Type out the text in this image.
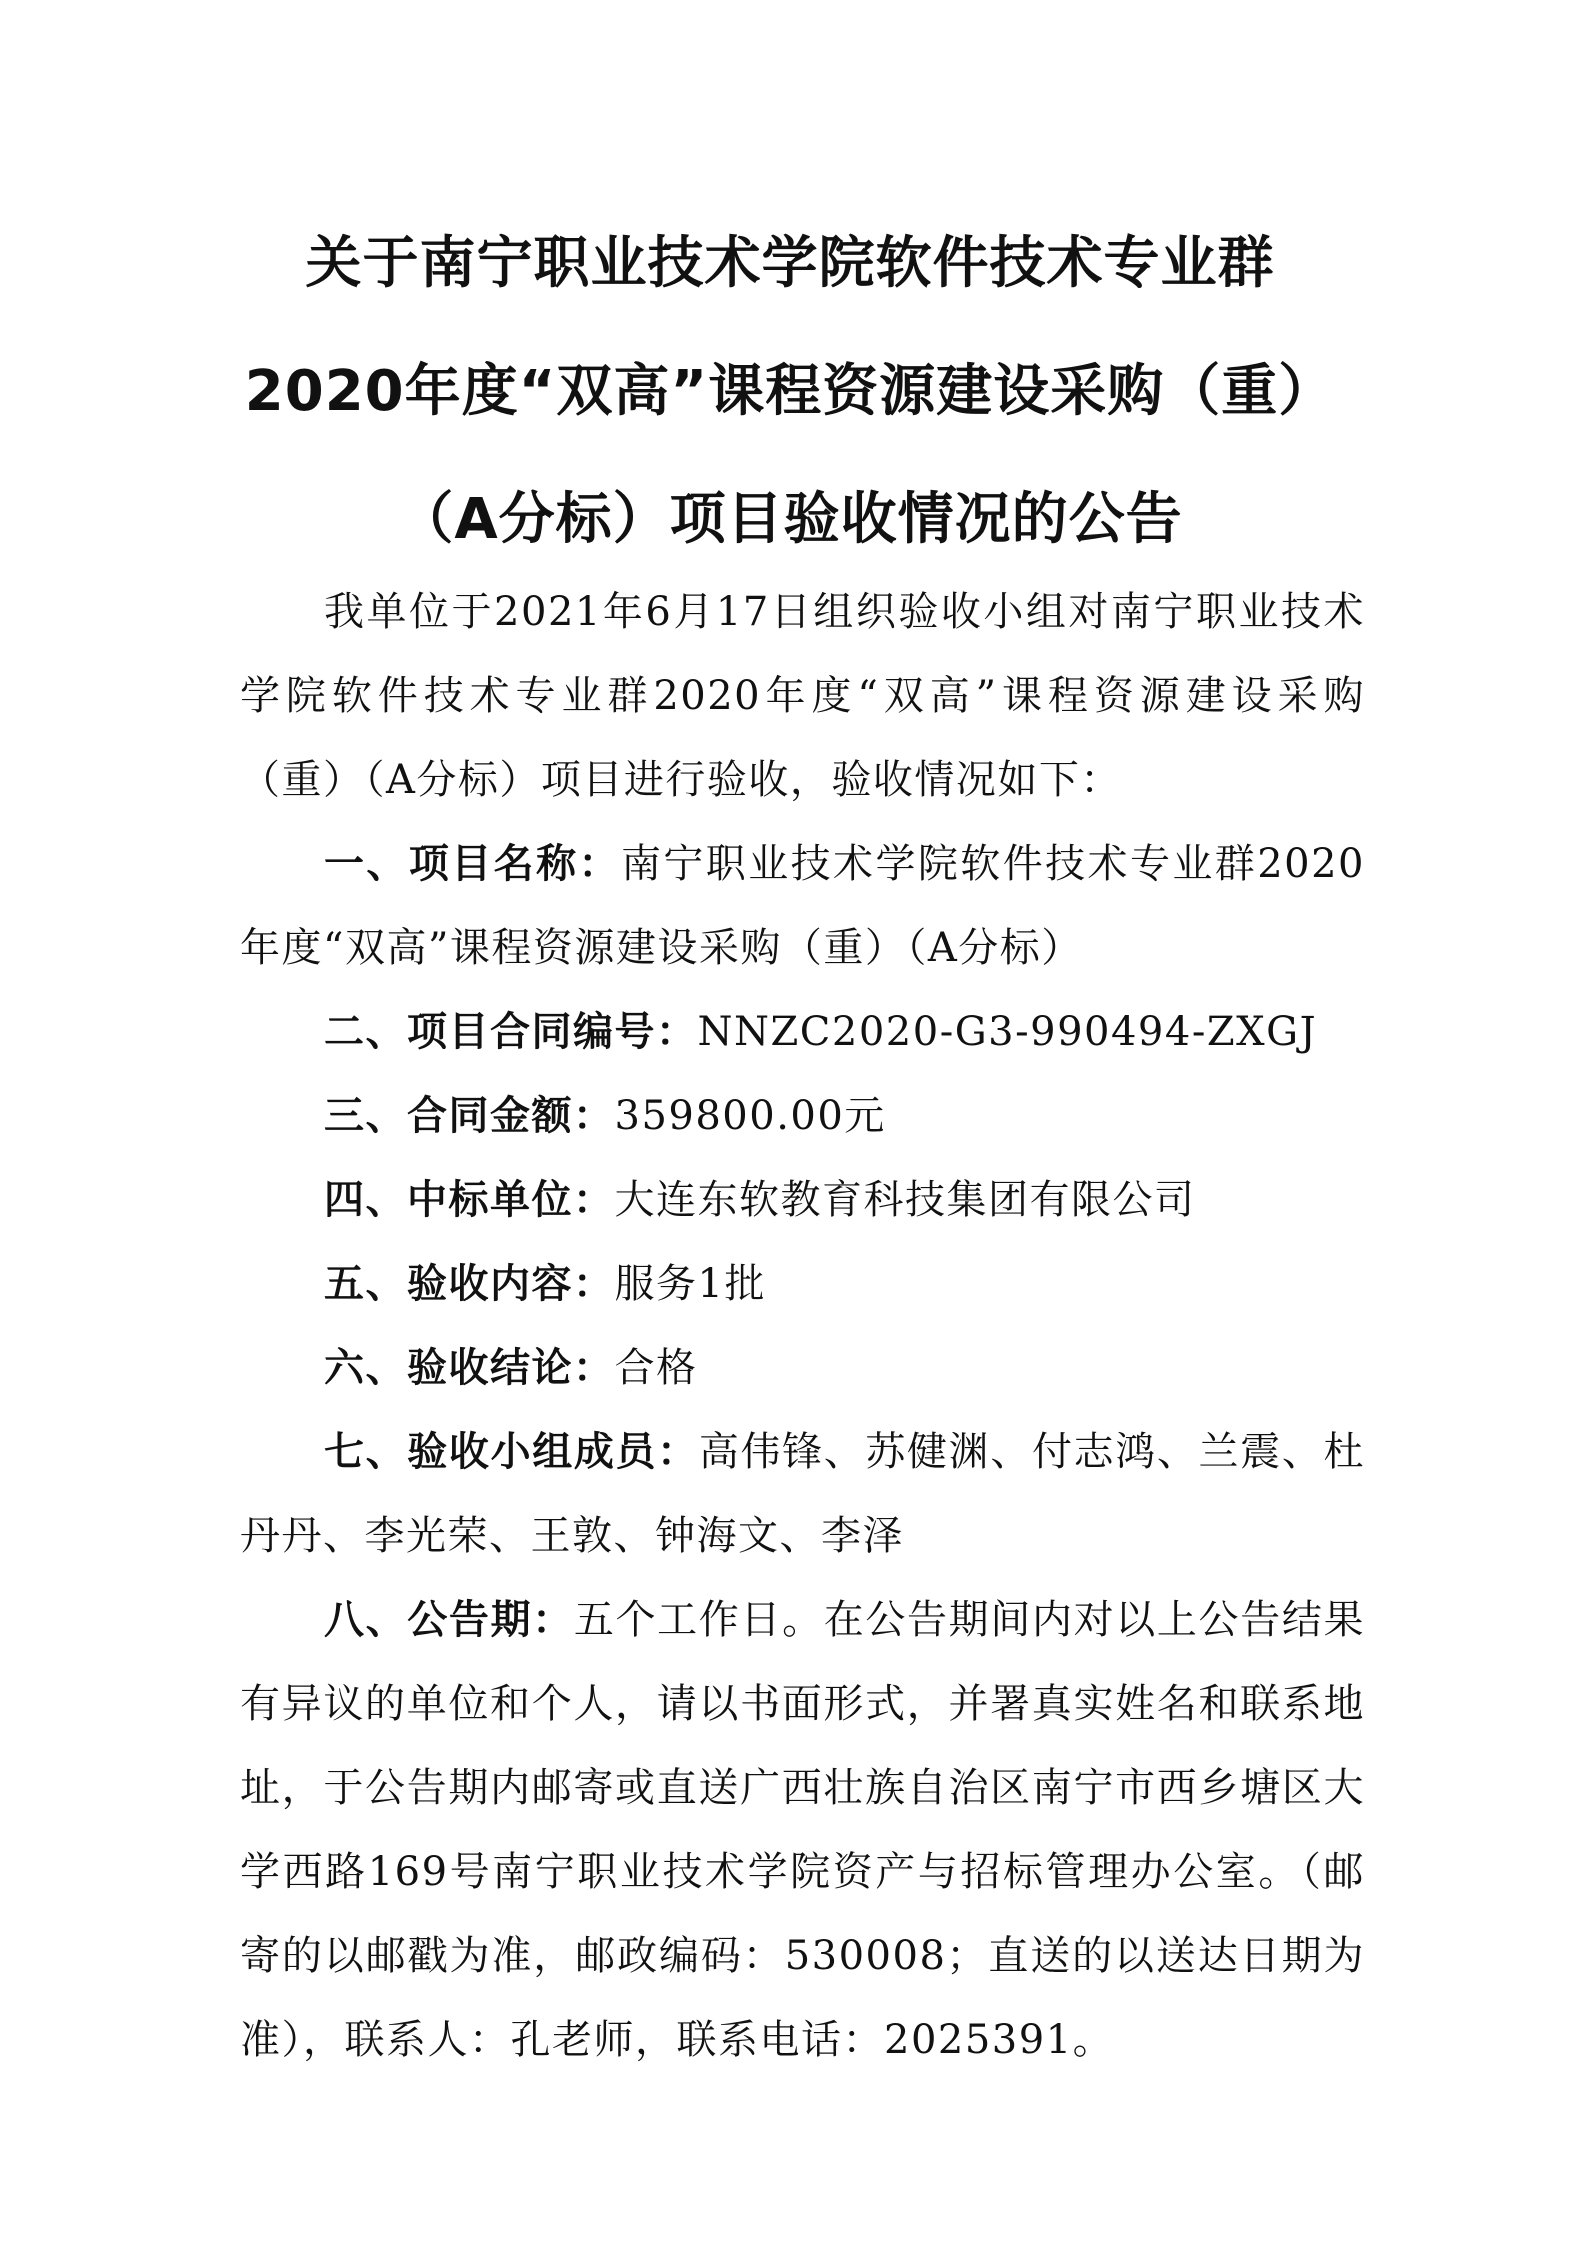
关于南宁职业技术学院软件技术专业群
2020年度“双高”课程资源建设采购（重）
（A分标）项目验收情况的公告

我单位于2021年6月17日组织验收小组对南宁职业技术学院软件技术专业群2020年度“双高”课程资源建设采购（重）（A分标）项目进行验收，验收情况如下：

一、项目名称：南宁职业技术学院软件技术专业群2020年度“双高”课程资源建设采购（重）（A分标）

二、项目合同编号：NNZC2020-G3-990494-ZXGJ

三、合同金额：359800.00元

四、中标单位：大连东软教育科技集团有限公司

五、验收内容：服务1批

六、验收结论：合格

七、验收小组成员：高伟锋、苏健渊、付志鸿、兰震、杜丹丹、李光荣、王敦、钟海文、李泽

八、公告期：五个工作日。在公告期间内对以上公告结果有异议的单位和个人，请以书面形式，并署真实姓名和联系地址，于公告期内邮寄或直送广西壮族自治区南宁市西乡塘区大学西路169号南宁职业技术学院资产与招标管理办公室。（邮寄的以邮戳为准，邮政编码：530008；直送的以送达日期为准），联系人：孔老师，联系电话：2025391。
